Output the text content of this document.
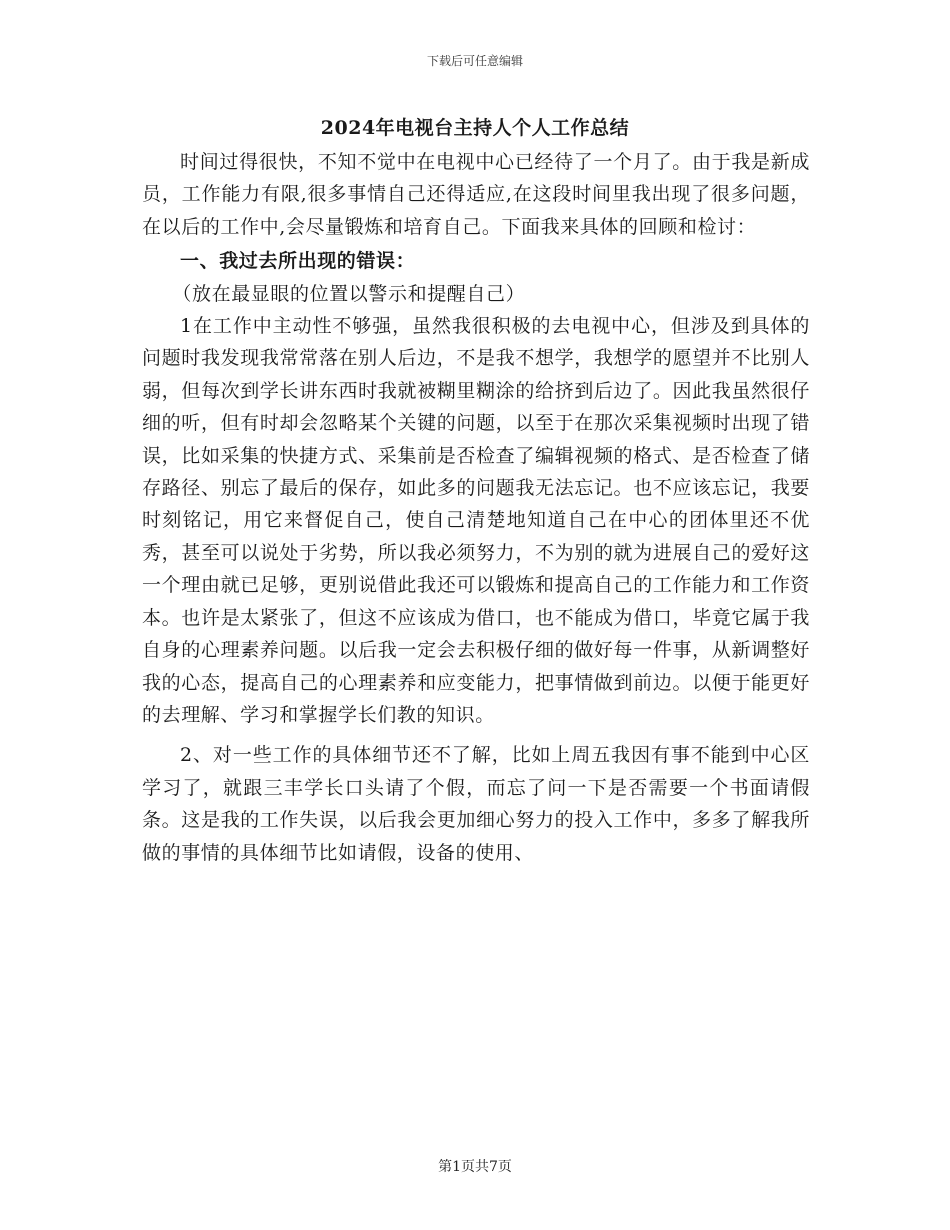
下载后可任意编辑
2024年电视台主持人个人工作总结

时间过得很快，不知不觉中在电视中心已经待了一个月了。由于我是新成员，工作能力有限,很多事情自己还得适应,在这段时间里我出现了很多问题，在以后的工作中,会尽量锻炼和培育自己。下面我来具体的回顾和检讨：

一、我过去所出现的错误：

（放在最显眼的位置以警示和提醒自己）

1在工作中主动性不够强，虽然我很积极的去电视中心，但涉及到具体的问题时我发现我常常落在别人后边，不是我不想学，我想学的愿望并不比别人弱，但每次到学长讲东西时我就被糊里糊涂的给挤到后边了。因此我虽然很仔细的听，但有时却会忽略某个关键的问题，以至于在那次采集视频时出现了错误，比如采集的快捷方式、采集前是否检查了编辑视频的格式、是否检查了储存路径、别忘了最后的保存，如此多的问题我无法忘记。也不应该忘记，我要时刻铭记，用它来督促自己，使自己清楚地知道自己在中心的团体里还不优秀，甚至可以说处于劣势，所以我必须努力，不为别的就为进展自己的爱好这一个理由就已足够，更别说借此我还可以锻炼和提高自己的工作能力和工作资本。也许是太紧张了，但这不应该成为借口，也不能成为借口，毕竟它属于我自身的心理素养问题。以后我一定会去积极仔细的做好每一件事，从新调整好我的心态，提高自己的心理素养和应变能力，把事情做到前边。以便于能更好的去理解、学习和掌握学长们教的知识。

2、对一些工作的具体细节还不了解，比如上周五我因有事不能到中心区学习了，就跟三丰学长口头请了个假，而忘了问一下是否需要一个书面请假条。这是我的工作失误，以后我会更加细心努力的投入工作中，多多了解我所做的事情的具体细节比如请假，设备的使用、

第1页共7页
